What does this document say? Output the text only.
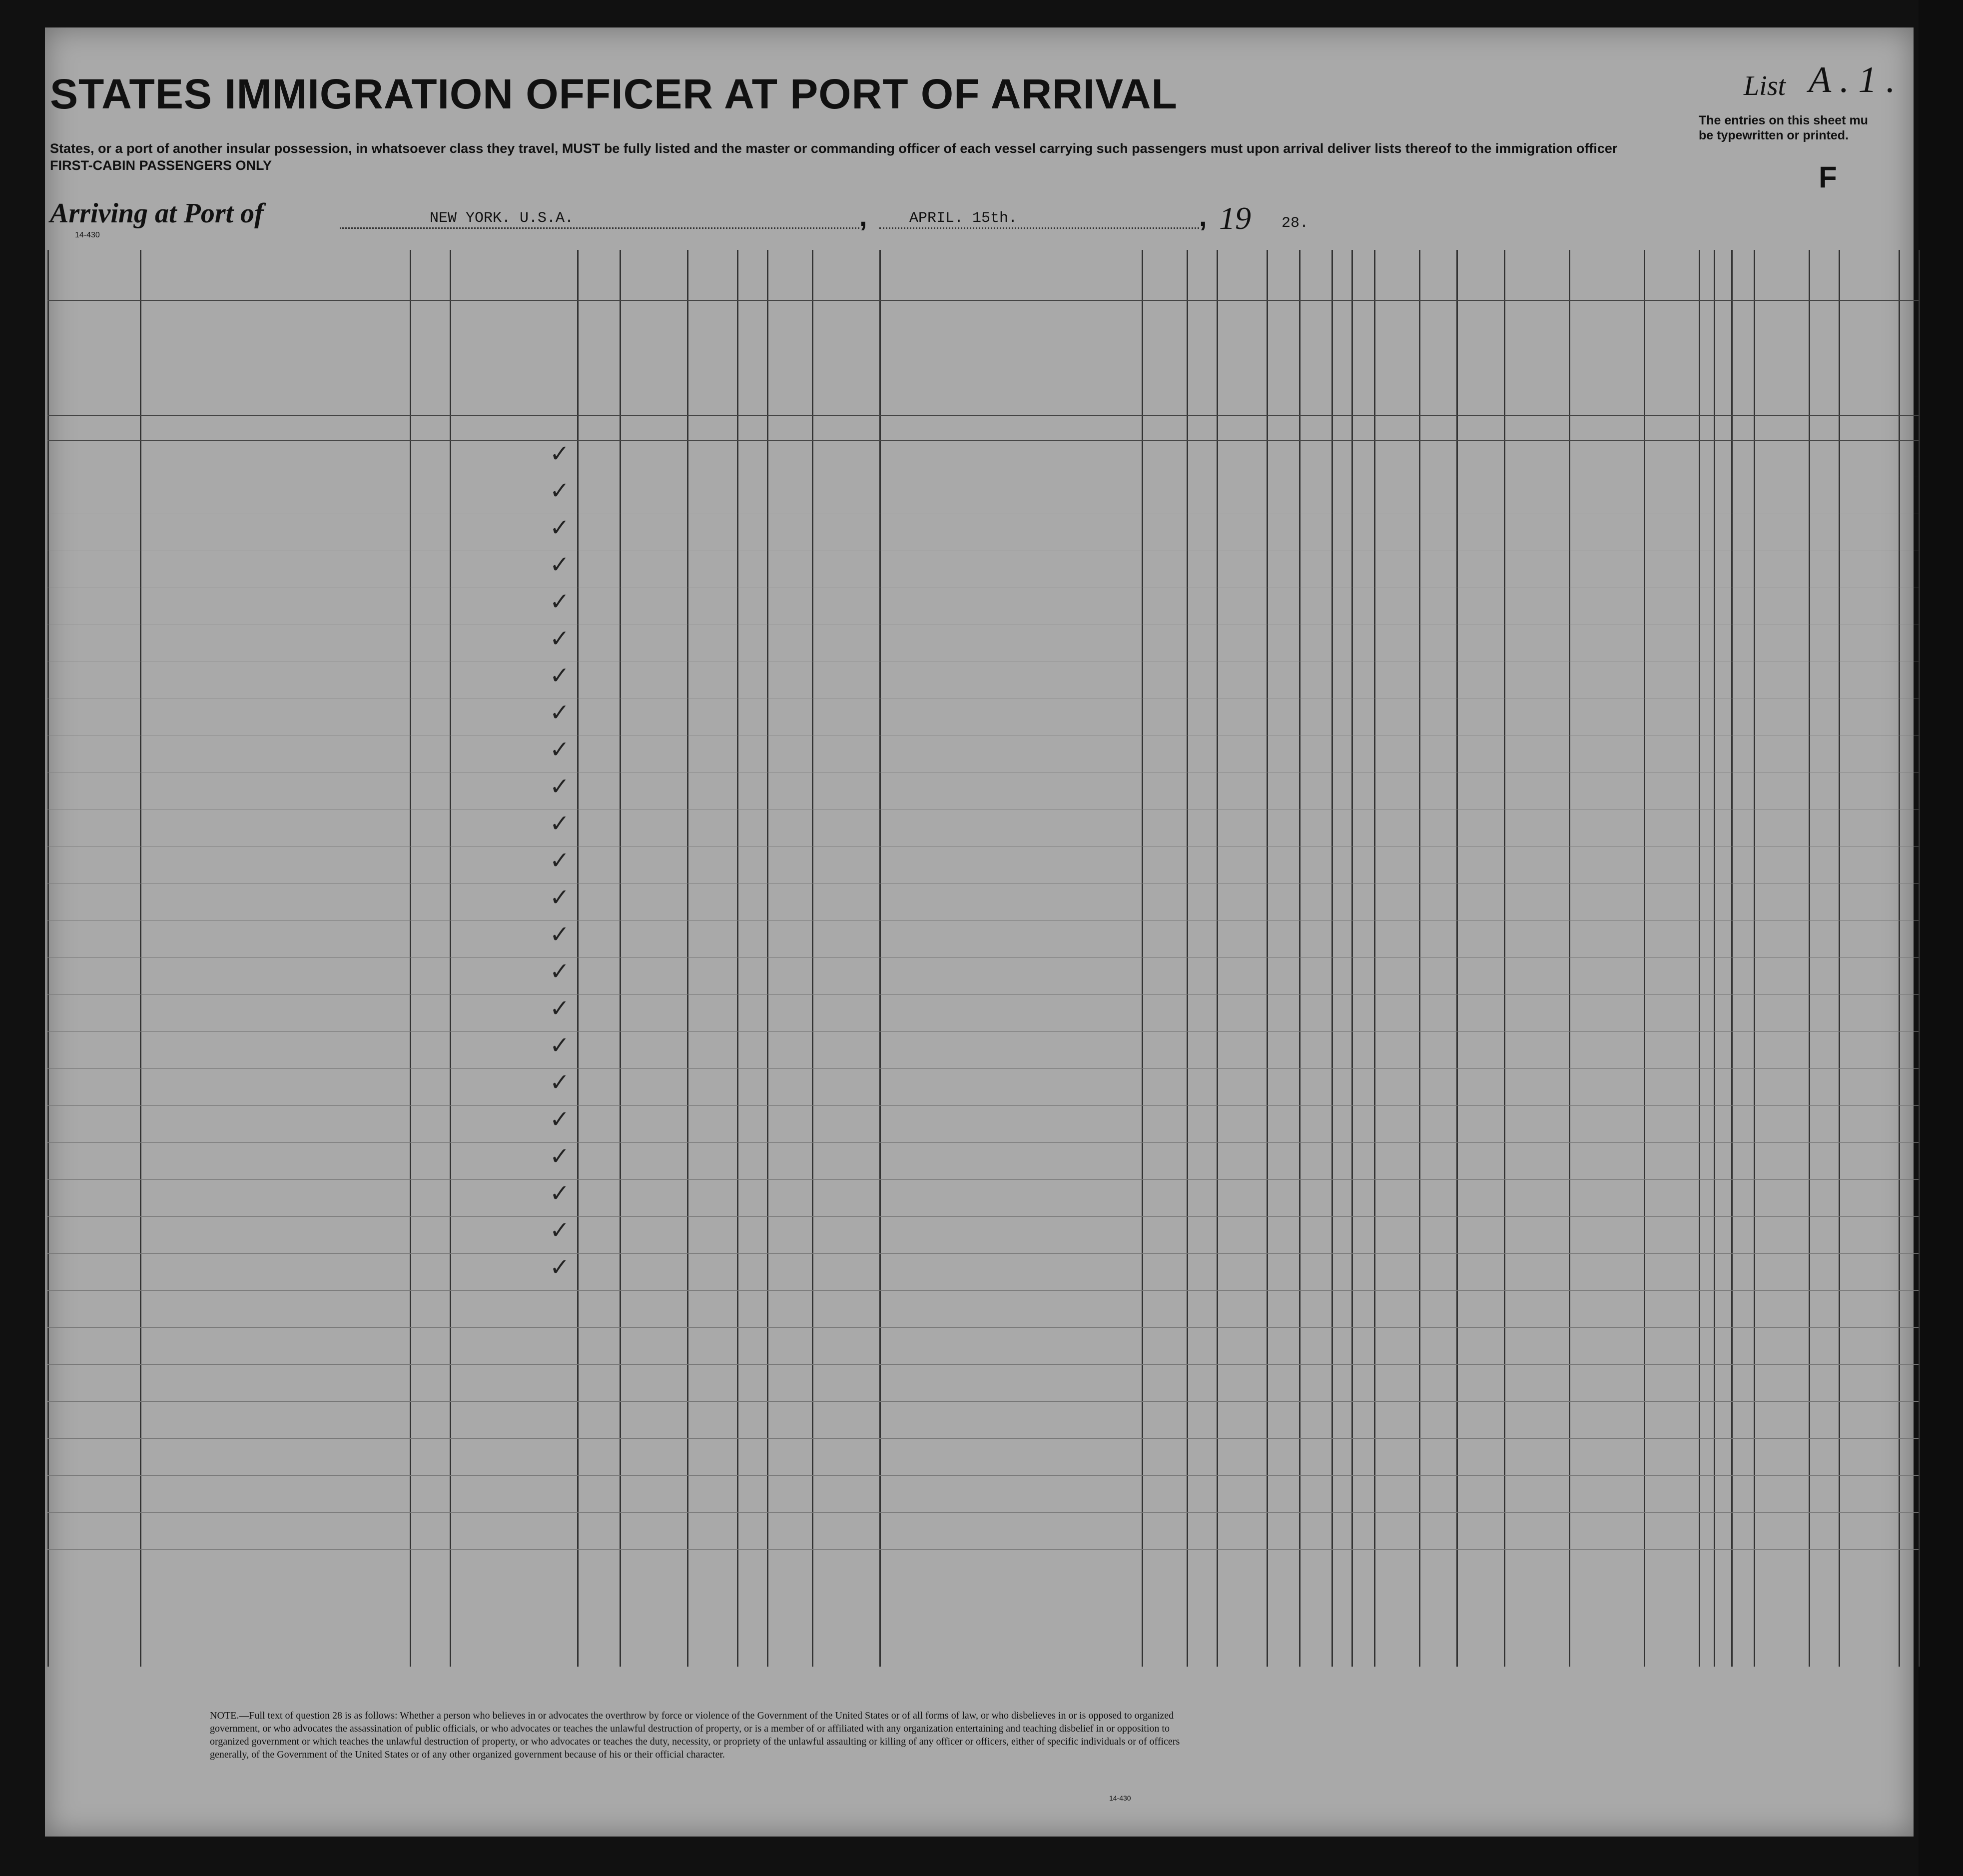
STATES IMMIGRATION OFFICER AT PORT OF ARRIVAL	List A . 1 .
The entries on this sheet mu be typewritten or printed.
F
States, or a port of another insular possession, in whatsoever class they travel, MUST be fully listed and the master or commanding officer of each vessel carrying such passengers must upon arrival deliver lists thereof to the immigration officer
FIRST-CABIN PASSENGERS ONLY
Arriving at Port of	NEW YORK. U.S.A.	,	APRIL. 15th.	, 19 28.
14-430
✓
✓
✓
✓
✓
✓
✓
✓
✓
✓
✓
✓
✓
✓
✓
✓
✓
✓
✓
✓
✓
✓
✓
NOTE.—Full text of question 28 is as follows: Whether a person who believes in or advocates the overthrow by force or violence of the Government of the United States or of all forms of law, or who disbelieves in or is opposed to organized government, or who advocates the assassination of public officials, or who advocates or teaches the unlawful destruction of property, or is a member of or affiliated with any organization entertaining and teaching disbelief in or opposition to organized government or which teaches the unlawful destruction of property, or who advocates or teaches the duty, necessity, or propriety of the unlawful assaulting or killing of any officer or officers, either of specific individuals or of officers generally, of the Government of the United States or of any other organized government because of his or their official character.
14-430
